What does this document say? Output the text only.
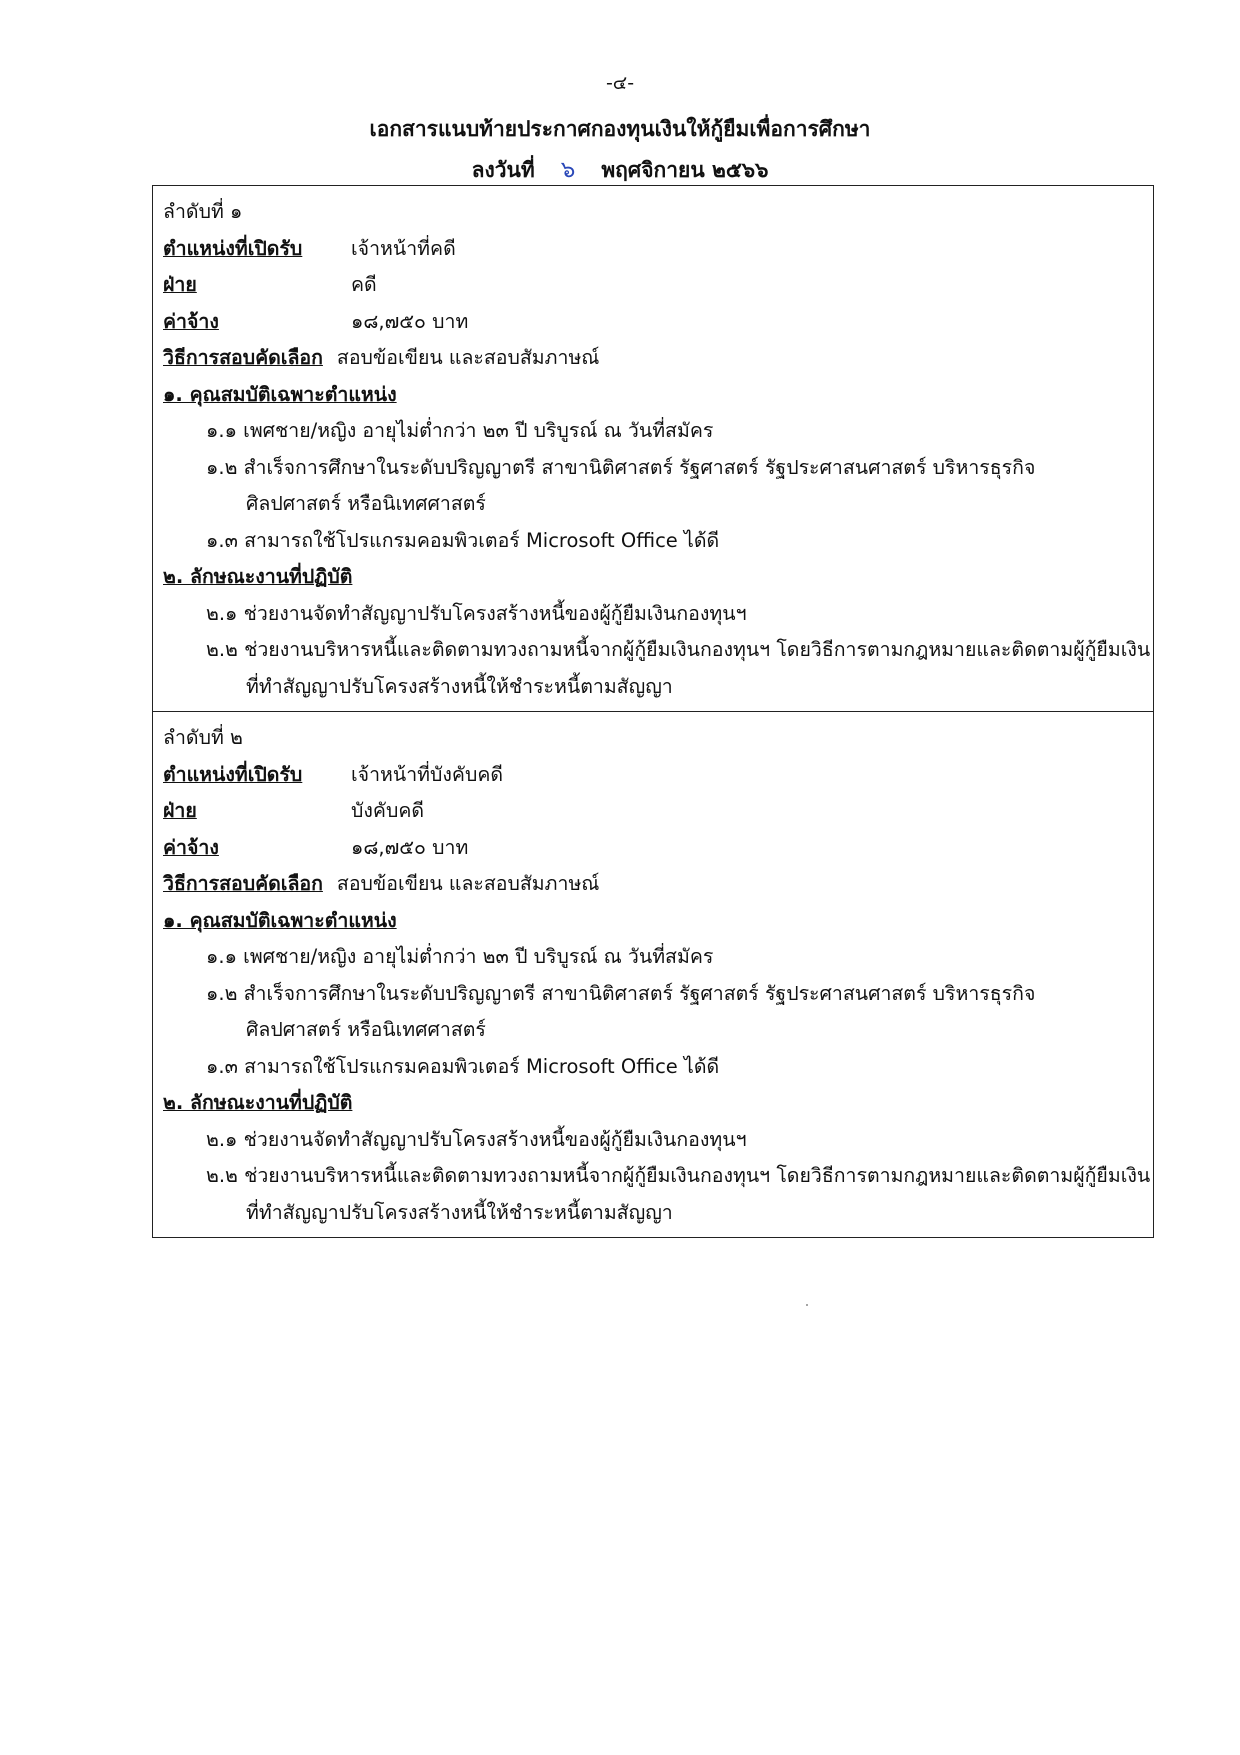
-๔-
เอกสารแนบท้ายประกาศกองทุนเงินให้กู้ยืมเพื่อการศึกษา
ลงวันที่ ๖ พฤศจิกายน ๒๕๖๖
ลำดับที่ ๑
ตำแหน่งที่เปิดรับ เจ้าหน้าที่คดี
ฝ่าย	คดี
ค่าจ้าง	๑๘,๗๕๐ บาท
วิธีการสอบคัดเลือก สอบข้อเขียน และสอบสัมภาษณ์
๑. คุณสมบัติเฉพาะตำแหน่ง
๑.๑ เพศชาย/หญิง อายุไม่ต่ำกว่า ๒๓ ปี บริบูรณ์ ณ วันที่สมัคร
๑.๒ สำเร็จการศึกษาในระดับปริญญาตรี สาขานิติศาสตร์ รัฐศาสตร์ รัฐประศาสนศาสตร์ บริหารธุรกิจ
ศิลปศาสตร์ หรือนิเทศศาสตร์
๑.๓ สามารถใช้โปรแกรมคอมพิวเตอร์ Microsoft Office ได้ดี
๒. ลักษณะงานที่ปฏิบัติ
๒.๑ ช่วยงานจัดทำสัญญาปรับโครงสร้างหนี้ของผู้กู้ยืมเงินกองทุนฯ
๒.๒ ช่วยงานบริหารหนี้และติดตามทวงถามหนี้จากผู้กู้ยืมเงินกองทุนฯ โดยวิธีการตามกฎหมายและติดตามผู้กู้ยืมเงิน
ที่ทำสัญญาปรับโครงสร้างหนี้ให้ชำระหนี้ตามสัญญา
ลำดับที่ ๒
ตำแหน่งที่เปิดรับ เจ้าหน้าที่บังคับคดี
ฝ่าย	บังคับคดี
ค่าจ้าง	๑๘,๗๕๐ บาท
วิธีการสอบคัดเลือก สอบข้อเขียน และสอบสัมภาษณ์
๑. คุณสมบัติเฉพาะตำแหน่ง
๑.๑ เพศชาย/หญิง อายุไม่ต่ำกว่า ๒๓ ปี บริบูรณ์ ณ วันที่สมัคร
๑.๒ สำเร็จการศึกษาในระดับปริญญาตรี สาขานิติศาสตร์ รัฐศาสตร์ รัฐประศาสนศาสตร์ บริหารธุรกิจ
ศิลปศาสตร์ หรือนิเทศศาสตร์
๑.๓ สามารถใช้โปรแกรมคอมพิวเตอร์ Microsoft Office ได้ดี
๒. ลักษณะงานที่ปฏิบัติ
๒.๑ ช่วยงานจัดทำสัญญาปรับโครงสร้างหนี้ของผู้กู้ยืมเงินกองทุนฯ
๒.๒ ช่วยงานบริหารหนี้และติดตามทวงถามหนี้จากผู้กู้ยืมเงินกองทุนฯ โดยวิธีการตามกฎหมายและติดตามผู้กู้ยืมเงิน
ที่ทำสัญญาปรับโครงสร้างหนี้ให้ชำระหนี้ตามสัญญา
